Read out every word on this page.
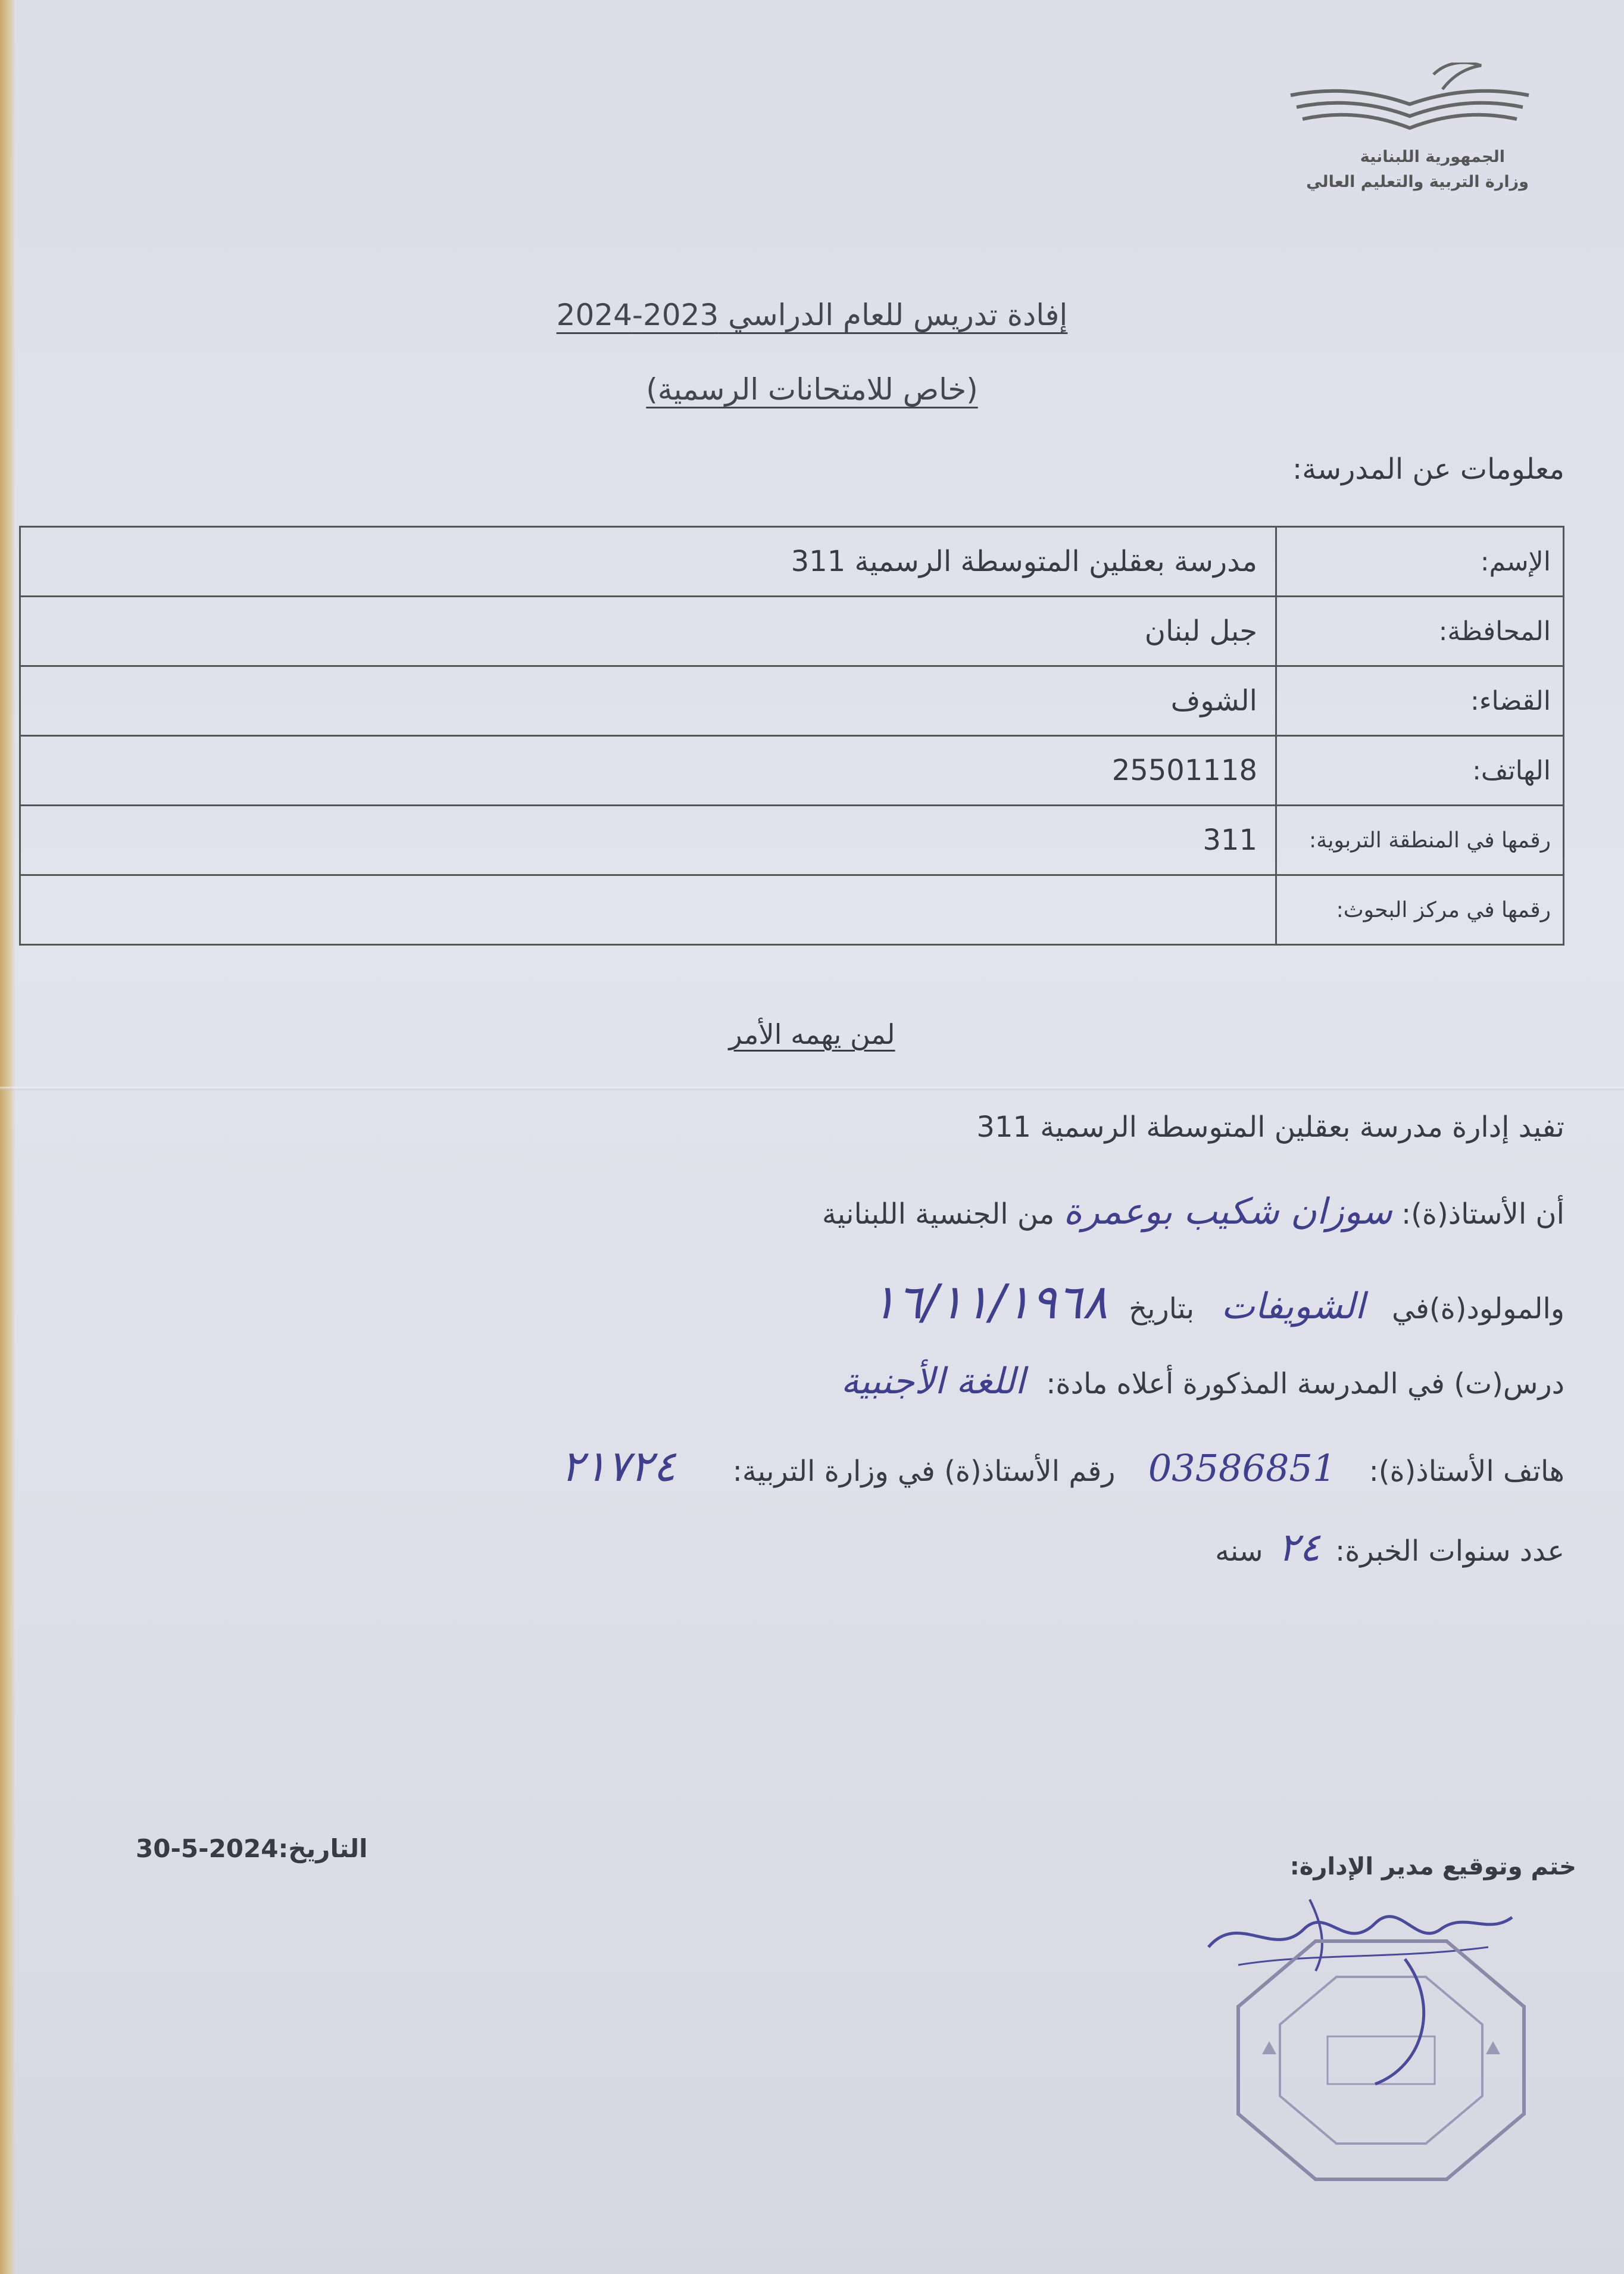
الجمهورية اللبنانية
وزارة التربية والتعليم العالي
إفادة تدريس للعام الدراسي 2023-2024
(خاص للامتحانات الرسمية)
معلومات عن المدرسة:
الإسم:	مدرسة بعقلين المتوسطة الرسمية 311
المحافظة:	جبل لبنان
القضاء:	الشوف
الهاتف:	25501118
رقمها في المنطقة التربوية:	311
رقمها في مركز البحوث:	
لمن يهمه الأمر
تفيد إدارة مدرسة بعقلين المتوسطة الرسمية 311
أن الأستاذ(ة): سوزان شكيب بوعمرة من الجنسية اللبنانية
والمولود(ة)في الشويفات بتاريخ ١٦/١١/١٩٦٨
درس(ت) في المدرسة المذكورة أعلاه مادة: اللغة الأجنبية
هاتف الأستاذ(ة): 03586851 رقم الأستاذ(ة) في وزارة التربية: ٢١٧٢٤
عدد سنوات الخبرة: ٢٤ سنه
التاريخ:2024-5-30
ختم وتوقيع مدير الإدارة:
